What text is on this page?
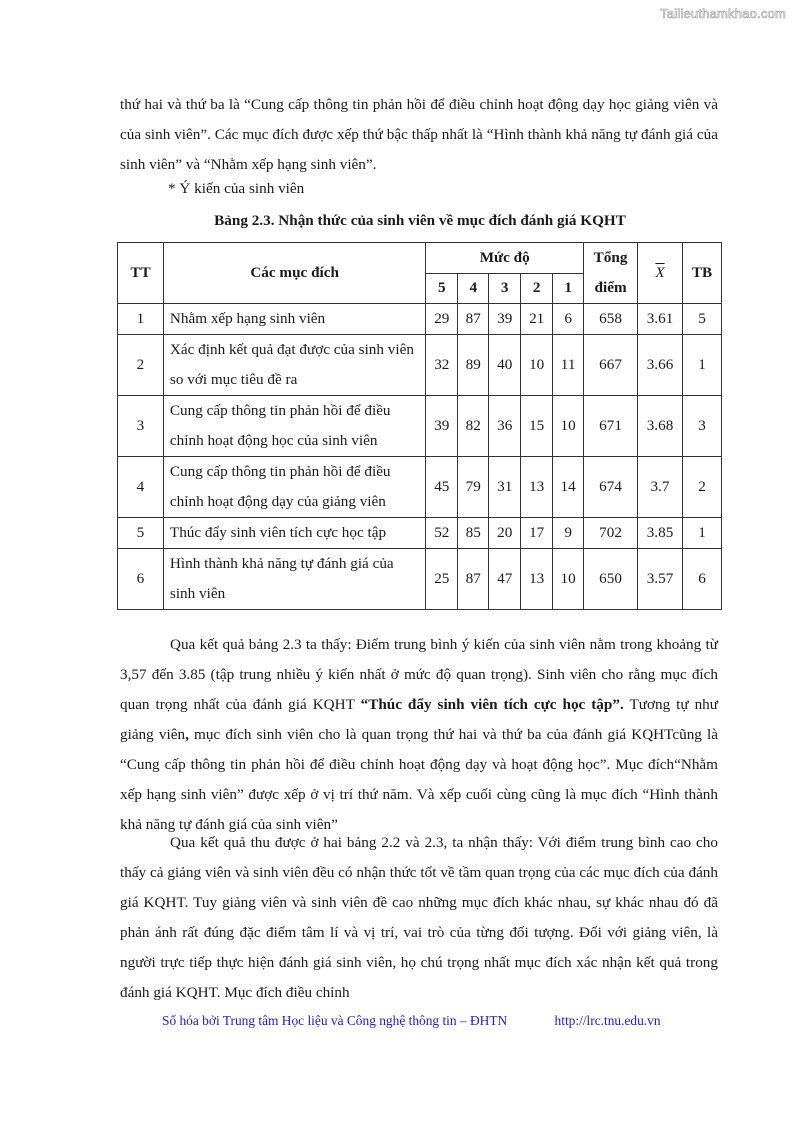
Tailieuthamkhao.com

thứ hai và thứ ba là “Cung cấp thông tin phản hồi để điều chỉnh hoạt động dạy học giảng viên và của sinh viên”. Các mục đích được xếp thứ bậc thấp nhất là “Hình thành khả năng tự đánh giá của sinh viên” và “Nhằm xếp hạng sinh viên”.

* Ý kiến của sinh viên
Bảng 2.3. Nhận thức của sinh viên về mục đích đánh giá KQHT
TT	Các mục đích	Mức độ					Tổng điểm	$\overline{X}$	TB
		5	4	3	2	1			
1	Nhằm xếp hạng sinh viên	29	87	39	21	6	658	3.61	5
2	Xác định kết quả đạt được của sinh viên so với mục tiêu đề ra	32	89	40	10	11	667	3.66	1
3	Cung cấp thông tin phản hồi để điều chỉnh hoạt động học của sinh viên	39	82	36	15	10	671	3.68	3
4	Cung cấp thông tin phản hồi để điều chỉnh hoạt động dạy của giảng viên	45	79	31	13	14	674	3.7	2
5	Thúc đẩy sinh viên tích cực học tập	52	85	20	17	9	702	3.85	1
6	Hình thành khả năng tự đánh giá của sinh viên	25	87	47	13	10	650	3.57	6

Qua kết quả bảng 2.3 ta thấy: Điểm trung bình ý kiến của sinh viên nằm trong khoảng từ 3,57 đến 3.85 (tập trung nhiều ý kiến nhất ở mức độ quan trọng). Sinh viên cho rằng mục đích quan trọng nhất của đánh giá KQHT “Thúc đẩy sinh viên tích cực học tập”. Tương tự như giảng viên, mục đích sinh viên cho là quan trọng thứ hai và thứ ba của đánh giá KQHTcũng là “Cung cấp thông tin phản hồi để điều chỉnh hoạt động dạy và hoạt động học”. Mục đích“Nhằm xếp hạng sinh viên” được xếp ở vị trí thứ năm. Và xếp cuối cùng cũng là mục đích “Hình thành khả năng tự đánh giá của sinh viên”

Qua kết quả thu được ở hai bảng 2.2 và 2.3, ta nhận thấy: Với điểm trung bình cao cho thấy cả giảng viên và sinh viên đều có nhận thức tốt về tầm quan trọng của các mục đích của đánh giá KQHT. Tuy giảng viên và sinh viên đề cao những mục đích khác nhau, sự khác nhau đó đã phản ánh rất đúng đặc điểm tâm lí và vị trí, vai trò của từng đối tượng. Đối với giảng viên, là người trực tiếp thực hiện đánh giá sinh viên, họ chú trọng nhất mục đích xác nhận kết quả trong đánh giá KQHT. Mục đích điều chỉnh

Số hóa bởi Trung tâm Học liệu và Công nghệ thông tin – ĐHTN	http://lrc.tnu.edu.vn
